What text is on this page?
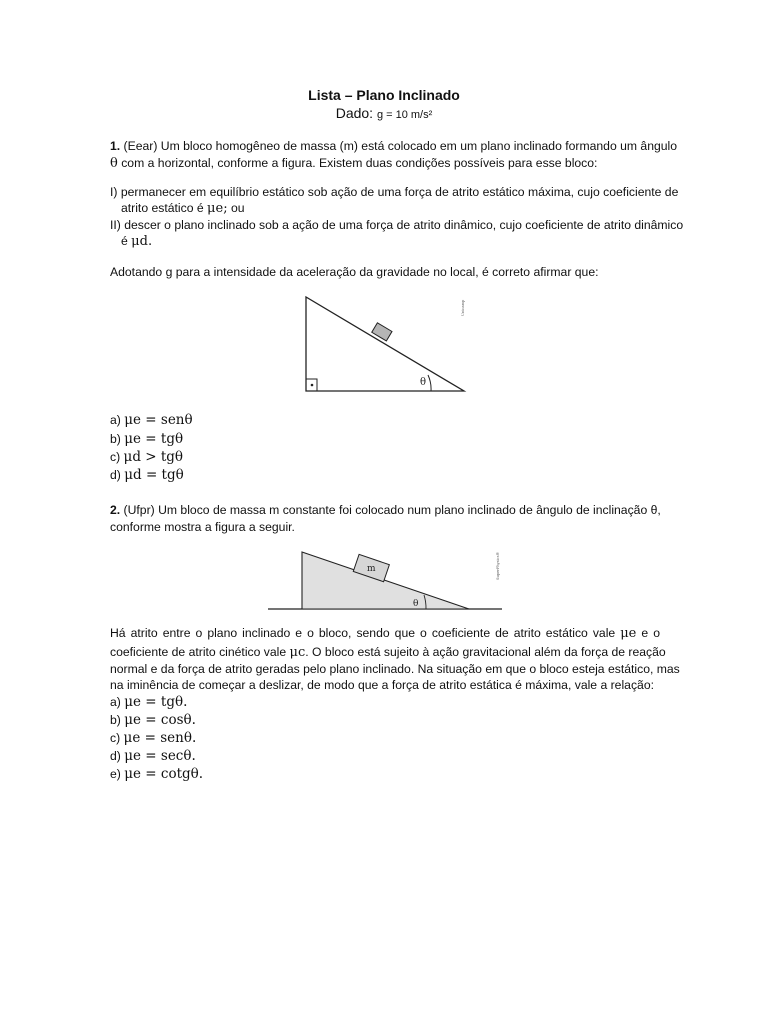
Lista – Plano Inclinado
Dado: g = 10 m/s²
1. (Eear) Um bloco homogêneo de massa (m) está colocado em um plano inclinado formando um ângulo
θ com a horizontal, conforme a figura. Existem duas condições possíveis para esse bloco:
I) permanecer em equilíbrio estático sob ação de uma força de atrito estático máxima, cujo coeficiente de
atrito estático é μe; ou
II) descer o plano inclinado sob a ação de uma força de atrito dinâmico, cujo coeficiente de atrito dinâmico
é μd.
Adotando g para a intensidade da aceleração da gravidade no local, é correto afirmar que:
θ
Unicamp
a) μe = senθ
b) μe = tgθ
c) μd > tgθ
d) μd = tgθ
2. (Ufpr) Um bloco de massa m constante foi colocado num plano inclinado de ângulo de inclinação θ,
conforme mostra a figura a seguir.
m
θ
SuperPhysics®
Há atrito entre o plano inclinado e o bloco, sendo que o coeficiente de atrito estático vale μe e o
coeficiente de atrito cinético vale μc. O bloco está sujeito à ação gravitacional além da força de reação
normal e da força de atrito geradas pelo plano inclinado. Na situação em que o bloco esteja estático, mas
na iminência de começar a deslizar, de modo que a força de atrito estática é máxima, vale a relação:
a) μe = tgθ.
b) μe = cosθ.
c) μe = senθ.
d) μe = secθ.
e) μe = cotgθ.
